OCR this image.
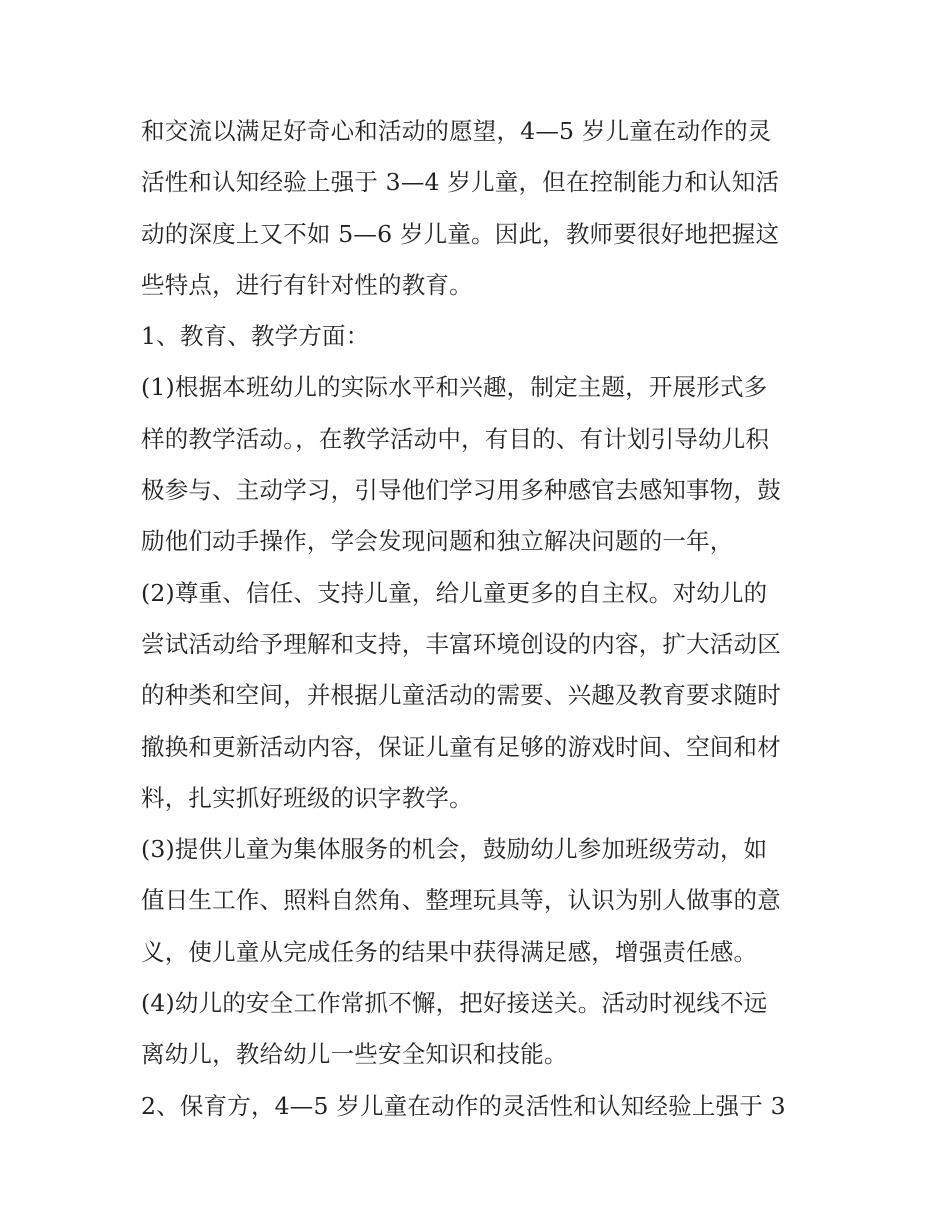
和交流以满足好奇心和活动的愿望，4—5 岁儿童在动作的灵
活性和认知经验上强于 3—4 岁儿童，但在控制能力和认知活
动的深度上又不如 5—6 岁儿童。因此，教师要很好地把握这
些特点，进行有针对性的教育。
1、教育、教学方面：
(1)根据本班幼儿的实际水平和兴趣，制定主题，开展形式多
样的教学活动。，在教学活动中，有目的、有计划引导幼儿积
极参与、主动学习，引导他们学习用多种感官去感知事物，鼓
励他们动手操作，学会发现问题和独立解决问题的一年，
(2)尊重、信任、支持儿童，给儿童更多的自主权。对幼儿的
尝试活动给予理解和支持，丰富环境创设的内容，扩大活动区
的种类和空间，并根据儿童活动的需要、兴趣及教育要求随时
撤换和更新活动内容，保证儿童有足够的游戏时间、空间和材
料，扎实抓好班级的识字教学。
(3)提供儿童为集体服务的机会，鼓励幼儿参加班级劳动，如
值日生工作、照料自然角、整理玩具等，认识为别人做事的意
义，使儿童从完成任务的结果中获得满足感，增强责任感。
(4)幼儿的安全工作常抓不懈，把好接送关。活动时视线不远
离幼儿，教给幼儿一些安全知识和技能。
2、保育方，4—5 岁儿童在动作的灵活性和认知经验上强于 3
